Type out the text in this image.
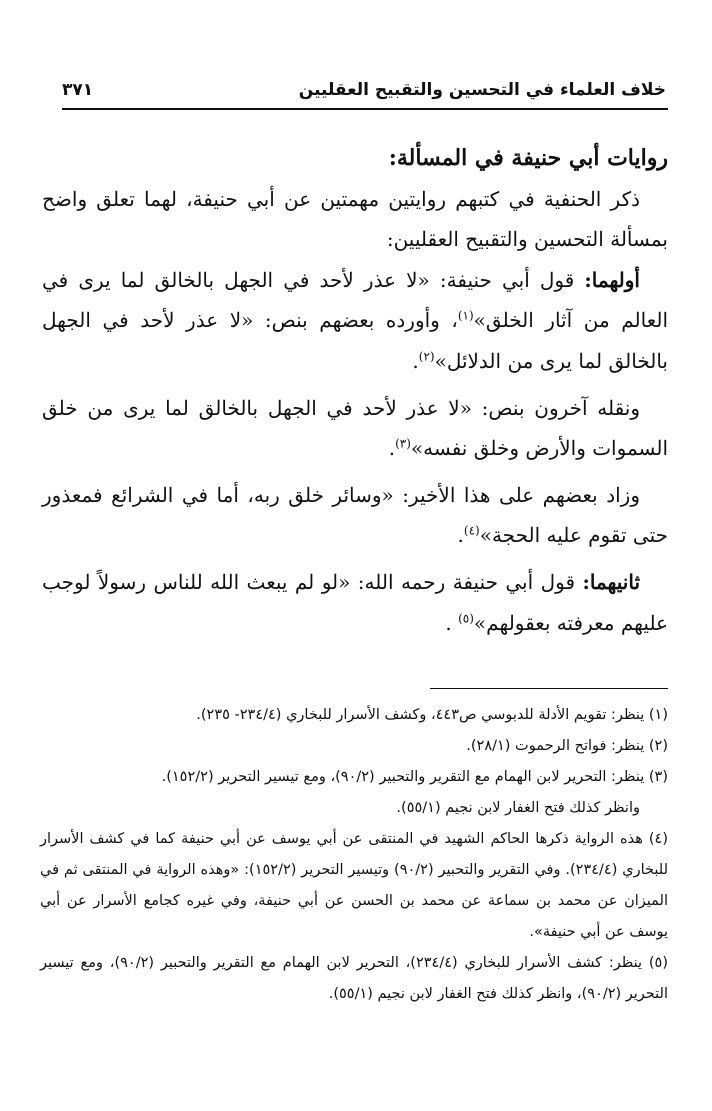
خلاف العلماء في التحسين والتقبيح العقليين
٣٧١

روايات أبي حنيفة في المسألة:

ذكر الحنفية في كتبهم روايتين مهمتين عن أبي حنيفة، لهما تعلق واضح بمسألة التحسين والتقبيح العقليين:

أولهما: قول أبي حنيفة: «لا عذر لأحد في الجهل بالخالق لما يرى في العالم من آثار الخلق»$^{(١)}$، وأورده بعضهم بنص: «لا عذر لأحد في الجهل بالخالق لما يرى من الدلائل»$^{(٢)}$.

ونقله آخرون بنص: «لا عذر لأحد في الجهل بالخالق لما يرى من خلق السموات والأرض وخلق نفسه»$^{(٣)}$.

وزاد بعضهم على هذا الأخير: «وسائر خلق ربه، أما في الشرائع فمعذور حتى تقوم عليه الحجة»$^{(٤)}$.

ثانيهما: قول أبي حنيفة رحمه الله: «لو لم يبعث الله للناس رسولاً لوجب عليهم معرفته بعقولهم»$^{(٥)}$ .

(١) ينظر: تقويم الأدلة للدبوسي ص٤٤٣، وكشف الأسرار للبخاري (٢٣٤/٤- ٢٣٥).

(٢) ينظر: فواتح الرحموت (٢٨/١).

(٣) ينظر: التحرير لابن الهمام مع التقرير والتحبير (٩٠/٢)، ومع تيسير التحرير (١٥٢/٢).
وانظر كذلك فتح الغفار لابن نجيم (٥٥/١).

(٤) هذه الرواية ذكرها الحاكم الشهيد في المنتقى عن أبي يوسف عن أبي حنيفة كما في كشف الأسرار للبخاري (٢٣٤/٤). وفي التقرير والتحبير (٩٠/٢) وتيسير التحرير (١٥٢/٢): «وهذه الرواية في المنتقى ثم في الميزان عن محمد بن سماعة عن محمد بن الحسن عن أبي حنيفة، وفي غيره كجامع الأسرار عن أبي يوسف عن أبي حنيفة».

(٥) ينظر: كشف الأسرار للبخاري (٢٣٤/٤)، التحرير لابن الهمام مع التقرير والتحبير (٩٠/٢)، ومع تيسير التحرير (٩٠/٢)، وانظر كذلك فتح الغفار لابن نجيم (٥٥/١).
